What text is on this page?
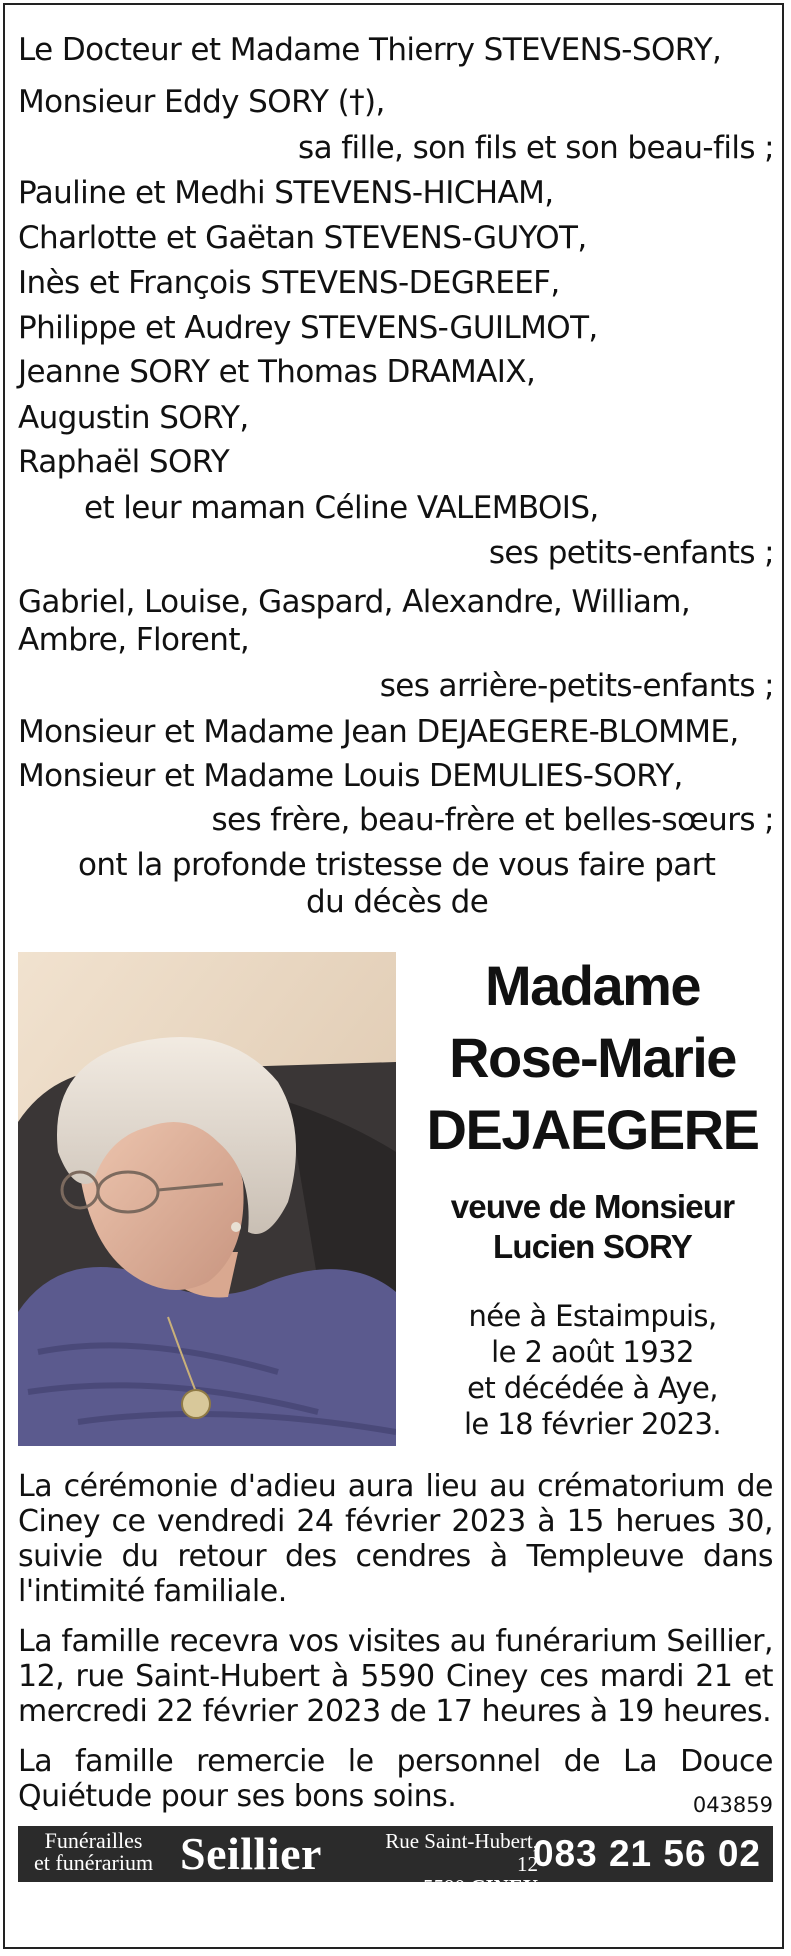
Le Docteur et Madame Thierry STEVENS-SORY,
Monsieur Eddy SORY (†),
sa fille, son fils et son beau-fils ;
Pauline et Medhi STEVENS-HICHAM,
Charlotte et Gaëtan STEVENS-GUYOT,
Inès et François STEVENS-DEGREEF,
Philippe et Audrey STEVENS-GUILMOT,
Jeanne SORY et Thomas DRAMAIX,
Augustin SORY,
Raphaël SORY
et leur maman Céline VALEMBOIS,
ses petits-enfants ;
Gabriel, Louise, Gaspard, Alexandre, William,
Ambre, Florent,
ses arrière-petits-enfants ;
Monsieur et Madame Jean DEJAEGERE-BLOMME,
Monsieur et Madame Louis DEMULIES-SORY,
ses frère, beau-frère et belles-sœurs ;
ont la profonde tristesse de vous faire part
du décès de
Madame
Rose-Marie
DEJAEGERE
veuve de Monsieur
Lucien SORY
née à Estaimpuis,
le 2 août 1932
et décédée à Aye,
le 18 février 2023.
La cérémonie d'adieu aura lieu au crématorium de Ciney ce vendredi 24 février 2023 à 15 herues 30, suivie du retour des cendres à Templeuve dans l'intimité familiale.
La famille recevra vos visites au funérarium Seillier, 12, rue Saint-Hubert à 5590 Ciney ces mardi 21 et mercredi 22 février 2023 de 17 heures à 19 heures.
La famille remercie le personnel de La Douce Quiétude pour ses bons soins.	043859
Funérailles
et funérarium Seillier	Rue Saint-Hubert, 12
5590 CINEY
083 21 56 02
